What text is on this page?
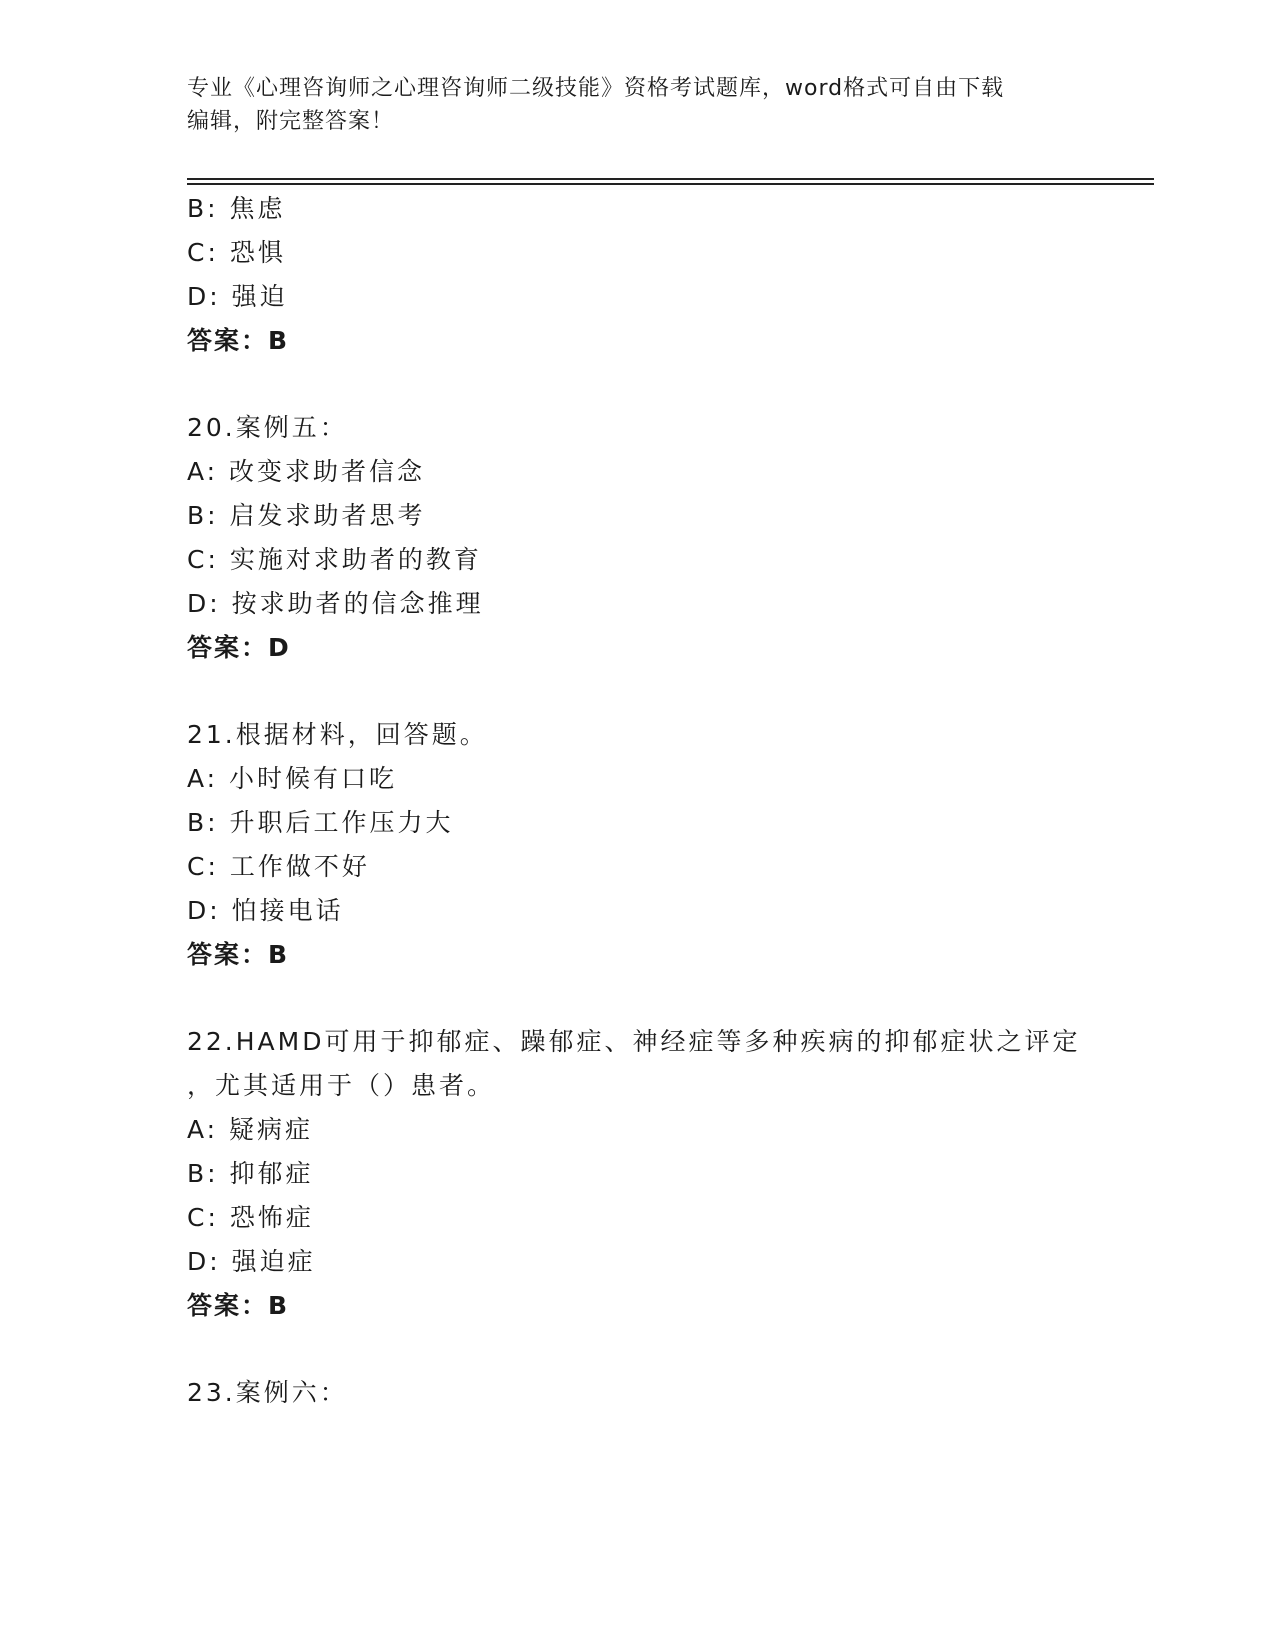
专业《心理咨询师之心理咨询师二级技能》资格考试题库，word格式可自由下载
编辑，附完整答案！
B: 焦虑
C: 恐惧
D: 强迫
答案：B
20.案例五：
A: 改变求助者信念
B: 启发求助者思考
C: 实施对求助者的教育
D: 按求助者的信念推理
答案：D
21.根据材料，回答题。
A: 小时候有口吃
B: 升职后工作压力大
C: 工作做不好
D: 怕接电话
答案：B
22.HAMD可用于抑郁症、躁郁症、神经症等多种疾病的抑郁症状之评定
，尤其适用于（）患者。
A: 疑病症
B: 抑郁症
C: 恐怖症
D: 强迫症
答案：B
23.案例六：
